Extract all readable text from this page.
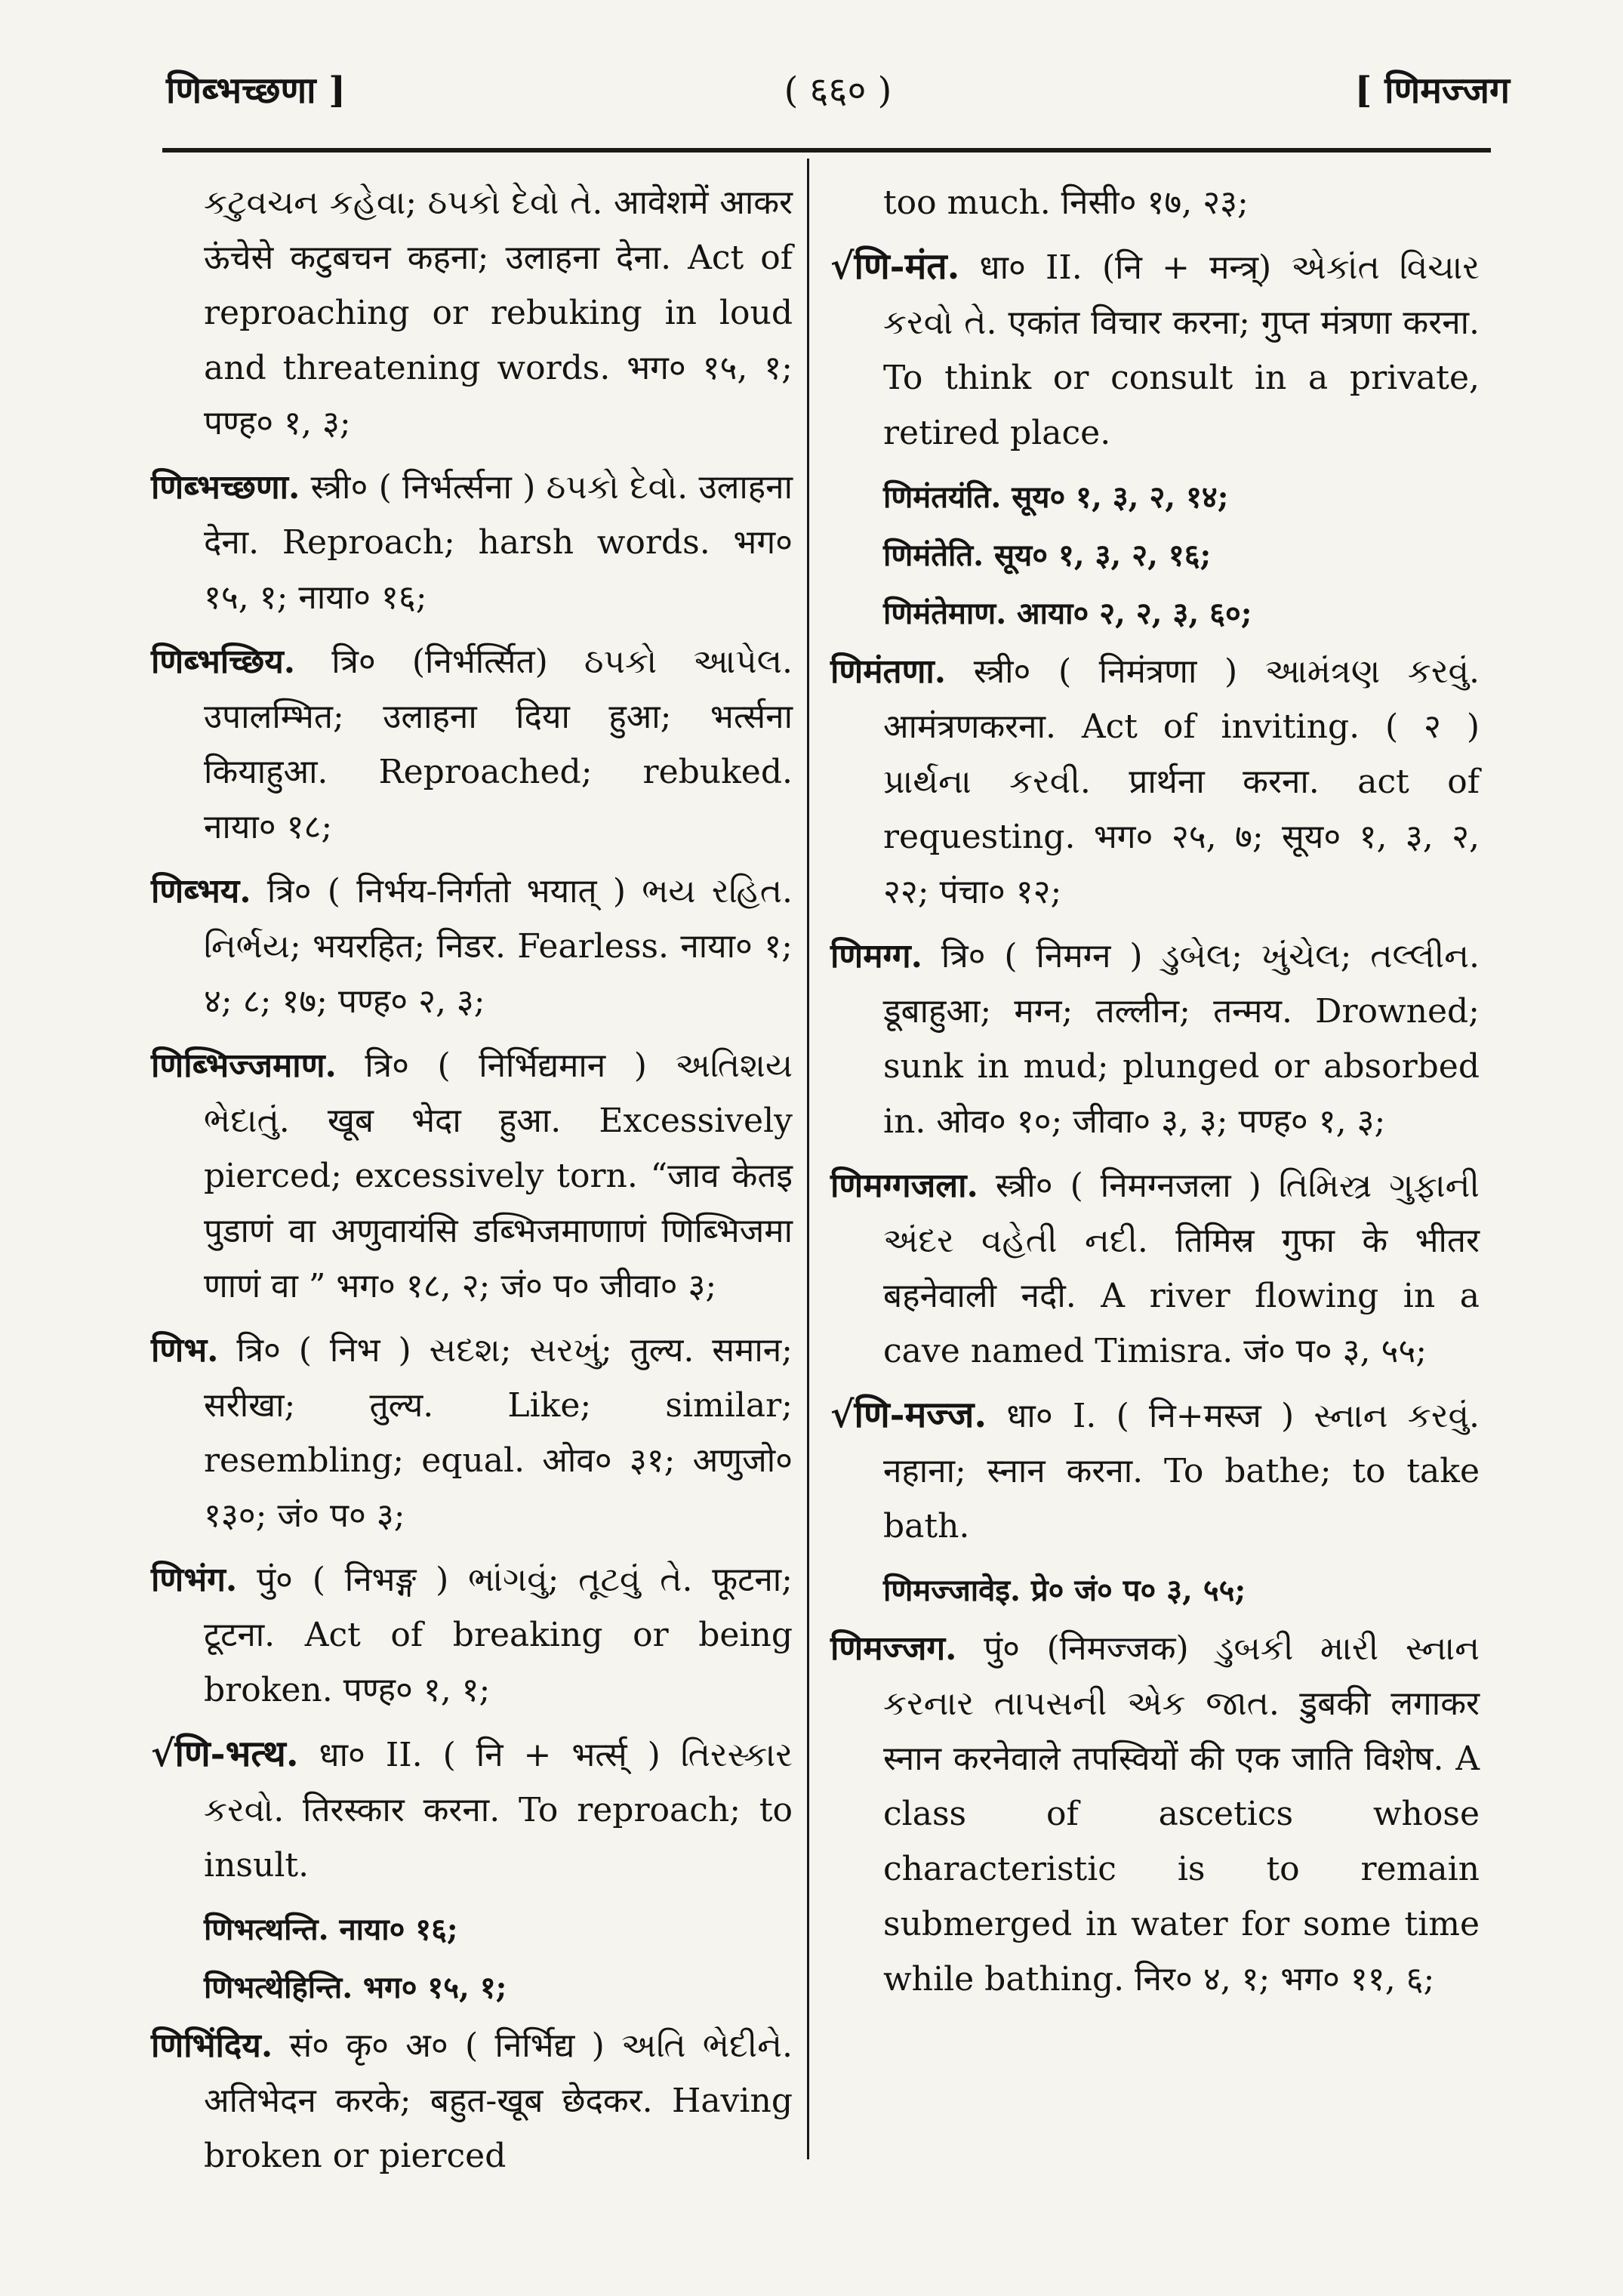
णिब्भच्छणा ]	( ६६० )	[ णिमज्जग

કટુવચન કહેવા; ઠપકો દેવો તે. आवेशमें आकर ऊंचेसे कटुबचन कहना; उलाहना देना. Act of reproaching or rebuking in loud and threatening words. भग० १५, १; पण्ह० १, ३;

णिब्भच्छणा. स्त्री० ( निर्भर्त्सना ) ઠપકો દેવો. उलाहना देना. Reproach; harsh words. भग० १५, १; नाया० १६;

णिब्भच्छिय. त्रि० (निर्भर्त्सित) ઠપકો આપેલ. उपालम्भित; उलाहना दिया हुआ; भर्त्सना कियाहुआ. Reproached; rebuked. नाया० १८;

णिब्भय. त्रि० ( निर्भय-निर्गतो भयात् ) ભય રહિત. નિર્ભય; भयरहित; निडर. Fearless. नाया० १; ४; ८; १७; पण्ह० २, ३;

णिब्भिज्जमाण. त्रि० ( निर्भिद्यमान ) અતિશય ભેદાતું. खूब भेदा हुआ. Excessively pierced; excessively torn. “जाव केतइ पुडाणं वा अणुवायंसि डब्भिजमाणाणं णिब्भिजमा णाणं वा ” भग० १८, २; जं० प० जीवा० ३;

णिभ. त्रि० ( निभ ) સદશ; સરખું; तुल्य. समान; सरीखा; तुल्य. Like; similar; resembling; equal. ओव० ३१; अणुजो० १३०; जं० प० ३;

णिभंग. पुं० ( निभङ्ग ) ભાંગવું; તૂટવું તે. फूटना; टूटना. Act of breaking or being broken. पण्ह० १, १;

√णि-भत्थ. धा० II. ( नि + भर्त्स् ) તિરસ્કાર કરવો. तिरस्कार करना. To reproach; to insult.

णिभत्थन्ति. नाया० १६;

णिभत्थेहिन्ति. भग० १५, १;

णिभिंदिय. सं० कृ० अ० ( निर्भिद्य ) અતિ ભેદીને. अतिभेदन करके; बहुत-खूब छेदकर. Having broken or pierced

too much. निसी० १७, २३;

√णि-मंत. धा० II. (नि + मन्त्र्) એકાંત વિચાર કરવો તે. एकांत विचार करना; गुप्त मंत्रणा करना. To think or consult in a private, retired place.

णिमंतयंति. सूय० १, ३, २, १४;

णिमंतेति. सूय० १, ३, २, १६;

णिमंतेमाण. आया० २, २, ३, ६०;

णिमंतणा. स्त्री० ( निमंत्रणा ) આમંત્રણ કરવું. आमंत्रणकरना. Act of inviting. ( २ ) પ્રાર્થના કરવી. प्रार्थना करना. act of requesting. भग० २५, ७; सूय० १, ३, २, २२; पंचा० १२;

णिमग्ग. त्रि० ( निमग्न ) ડુબેલ; ખુંચેલ; તલ્લીન. डूबाहुआ; मग्न; तल्लीन; तन्मय. Drowned; sunk in mud; plunged or absorbed in. ओव० १०; जीवा० ३, ३; पण्ह० १, ३;

णिमग्गजला. स्त्री० ( निमग्नजला ) તિમિસ્ત્ર ગુફાની અંદર વહેતી નદી. तिमिस्र गुफा के भीतर बहनेवाली नदी. A river flowing in a cave named Timisra. जं० प० ३, ५५;

√णि-मज्ज. धा० I. ( नि+मस्ज ) સ્નાન કરવું. नहाना; स्नान करना. To bathe; to take bath.

णिमज्जावेइ. प्रे० जं० प० ३, ५५;

णिमज्जग. पुं० (निमज्जक) ડુબકી મારી સ્નાન કરનાર તાપસની એક જાત. डुबकी लगाकर स्नान करनेवाले तपस्वियों की एक जाति विशेष. A class of ascetics whose characteristic is to remain submerged in water for some time while bathing. निर० ४, १; भग० ११, ६;
